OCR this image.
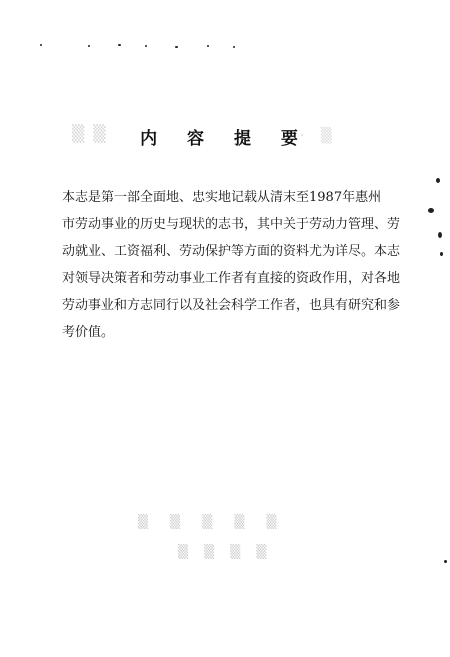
▒ ▒	· ▒
内 容 提 要
本志是第一部全面地、忠实地记载从清末至1987年惠州
市劳动事业的历史与现状的志书，其中关于劳动力管理、劳
动就业、工资福利、劳动保护等方面的资料尤为详尽。本志
对领导决策者和劳动事业工作者有直接的资政作用，对各地
劳动事业和方志同行以及社会科学工作者，也具有研究和参
考价值。
▒ ▒ ▒ ▒ ▒
▒ ▒ ▒ ▒
